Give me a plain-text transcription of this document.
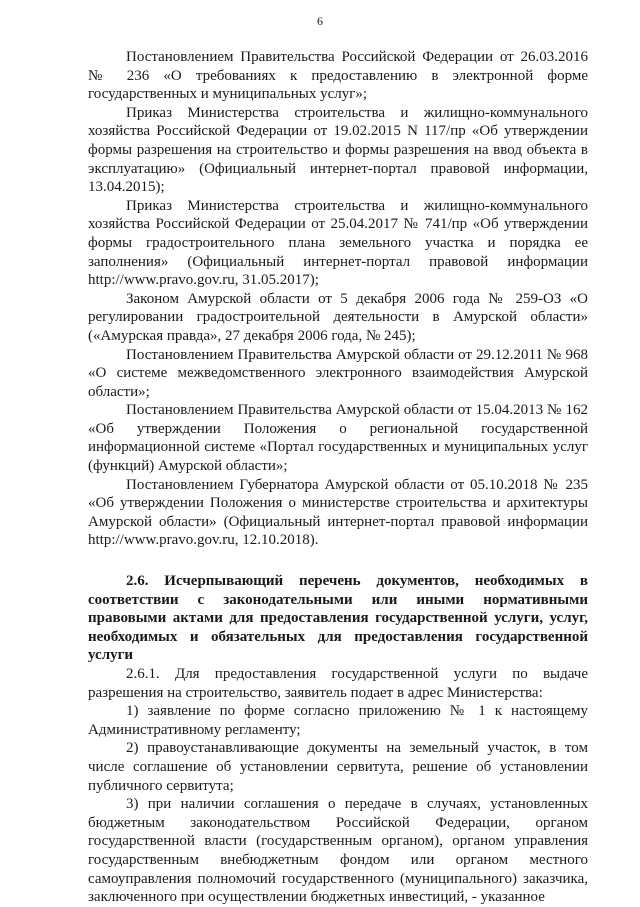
6

Постановлением Правительства Российской Федерации от 26.03.2016 № 236 «О требованиях к предоставлению в электронной форме государственных и муниципальных услуг»;

Приказ Министерства строительства и жилищно-коммунального хозяйства Российской Федерации от 19.02.2015 N 117/пр «Об утверждении формы разрешения на строительство и формы разрешения на ввод объекта в эксплуатацию» (Официальный интернет-портал правовой информации, 13.04.2015);

Приказ Министерства строительства и жилищно-коммунального хозяйства Российской Федерации от 25.04.2017 № 741/пр «Об утверждении формы градостроительного плана земельного участка и порядка ее заполнения» (Официальный интернет-портал правовой информации http://www.pravo.gov.ru, 31.05.2017);

Законом Амурской области от 5 декабря 2006 года № 259-ОЗ «О регулировании градостроительной деятельности в Амурской области» («Амурская правда», 27 декабря 2006 года, № 245);

Постановлением Правительства Амурской области от 29.12.2011 № 968 «О системе межведомственного электронного взаимодействия Амурской области»;

Постановлением Правительства Амурской области от 15.04.2013 № 162 «Об утверждении Положения о региональной государственной информационной системе «Портал государственных и муниципальных услуг (функций) Амурской области»;

Постановлением Губернатора Амурской области от 05.10.2018 № 235 «Об утверждении Положения о министерстве строительства и архитектуры Амурской области» (Официальный интернет-портал правовой информации http://www.pravo.gov.ru, 12.10.2018).

2.6. Исчерпывающий перечень документов, необходимых в соответствии с законодательными или иными нормативными правовыми актами для предоставления государственной услуги, услуг, необходимых и обязательных для предоставления государственной услуги

2.6.1. Для предоставления государственной услуги по выдаче разрешения на строительство, заявитель подает в адрес Министерства:

1) заявление по форме согласно приложению № 1 к настоящему Административному регламенту;

2) правоустанавливающие документы на земельный участок, в том числе соглашение об установлении сервитута, решение об установлении публичного сервитута;

3) при наличии соглашения о передаче в случаях, установленных бюджетным законодательством Российской Федерации, органом государственной власти (государственным органом), органом управления государственным внебюджетным фондом или органом местного самоуправления полномочий государственного (муниципального) заказчика, заключенного при осуществлении бюджетных инвестиций, - указанное
